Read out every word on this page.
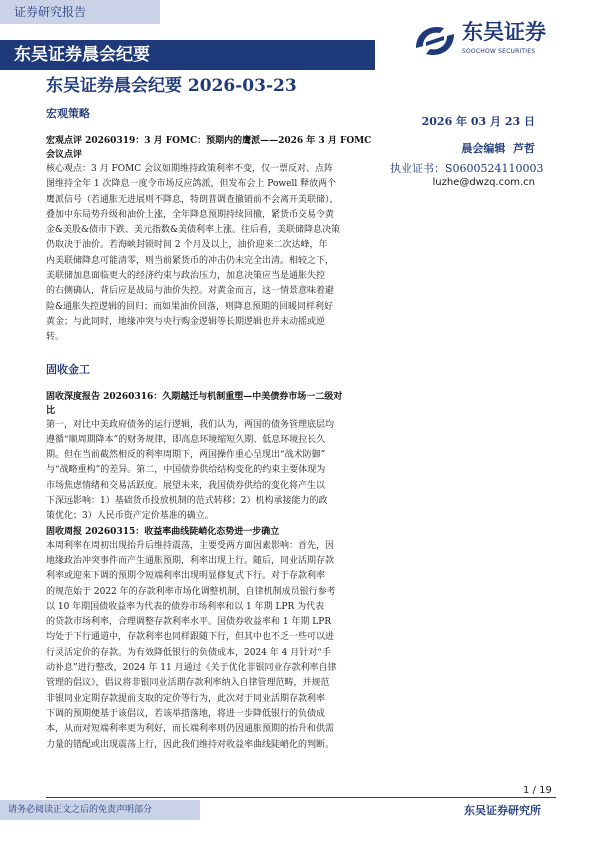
证券研究报告
东吴证券晨会纪要
东吴证券晨会纪要 2026-03-23
东吴证券
SOOCHOW SECURITIES
2026 年 03 月 23 日
晨会编辑 芦哲
执业证书：S0600524110003
luzhe@dwzq.com.cn
宏观策略
宏观点评 20260319：3 月 FOMC：预期内的鹰派——2026 年 3 月 FOMC
会议点评
核心观点：3 月 FOMC 会议如期维持政策利率不变，仅一票反对、点阵
图维持全年 1 次降息一度令市场反应鸽派，但发布会上 Powell 释放两个
鹰派信号（若通胀无进展则不降息，特朗普调查撤销前不会离开美联储），
叠加中东局势升级和油价上涨，全年降息预期持续回撤，紧货币交易令黄
金&美股&债市下跌、美元指数&美债利率上涨。往后看，美联储降息决策
仍取决于油价。若海峡封锁时间 2 个月及以上，油价迎来二次达峰，年
内美联储降息可能清零，则当前紧货币的冲击仍未完全出清。相较之下，
美联储加息面临更大的经济约束与政治压力，加息决策应当是通胀失控
的右侧确认，背后应是战局与油价失控。对黄金而言，这一情景意味着避
险&通胀失控逻辑的回归；而如果油价回落，则降息预期的回暖同样利好
黄金；与此同时，地缘冲突与央行购金逻辑等长期逻辑也并未动摇或逆
转。
固收金工
固收深度报告 20260316：久期越迁与机制重塑—中美债券市场一二级对
比
第一，对比中美政府债务的运行逻辑，我们认为，两国的债务管理底层均
遵循“顺周期降本”的财务规律，即高息环境缩短久期、低息环境拉长久
期。但在当前截然相反的利率周期下，两国操作重心呈现出“战术防御”
与“战略重构”的差异。第二，中国债券供给结构变化的约束主要体现为
市场焦虑情绪和交易活跃度。展望未来，我国债券供给的变化将产生以
下深远影响：1）基础货币投放机制的范式转移；2）机构承接能力的政
策优化；3）人民币资产定价基准的确立。
固收周报 20260315：收益率曲线陡峭化态势进一步确立
本周利率在周初出现抬升后维持震荡，主要受两方面因素影响：首先，因
地缘政治冲突事件而产生通胀预期，利率出现上行。随后，同业活期存款
利率或迎来下调的预期令短端利率出现明显修复式下行。对于存款利率
的规范始于 2022 年的存款利率市场化调整机制，自律机制成员银行参考
以 10 年期国债收益率为代表的债券市场利率和以 1 年期 LPR 为代表
的贷款市场利率，合理调整存款利率水平。国债券收益率和 1 年期 LPR
均处于下行通道中，存款利率也同样跟随下行，但其中也不乏一些可以进
行灵活定价的存款。为有效降低银行的负债成本，2024 年 4 月针对“手
动补息”进行整改，2024 年 11 月通过《关于优化非银同业存款利率自律
管理的倡议》，倡议将非银同业活期存款利率纳入自律管理范畴，并规范
非银同业定期存款提前支取的定价等行为，此次对于同业活期存款利率
下调的预期便基于该倡议，若该举措落地，将进一步降低银行的负债成
本，从而对短端利率更为利好，而长端利率则仍因通胀预期的抬升和供需
力量的错配或出现震荡上行，因此我们维持对收益率曲线陡峭化的判断。
1 / 19
请务必阅读正文之后的免责声明部分	东吴证券研究所
